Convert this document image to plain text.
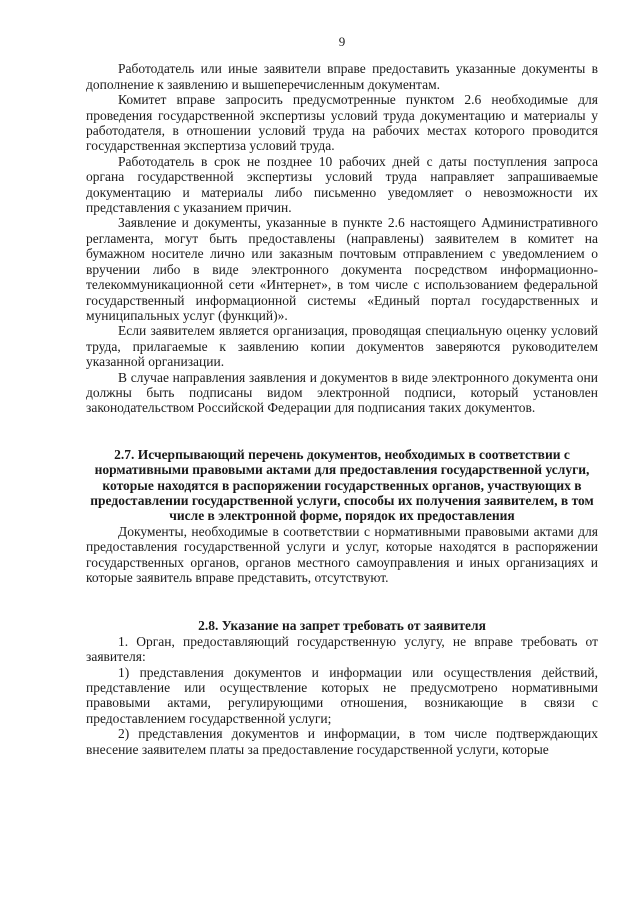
9

Работодатель или иные заявители вправе предоставить указанные документы в дополнение к заявлению и вышеперечисленным документам.

Комитет вправе запросить предусмотренные пунктом 2.6 необходимые для проведения государственной экспертизы условий труда документацию и материалы у работодателя, в отношении условий труда на рабочих местах которого проводится государственная экспертиза условий труда.

Работодатель в срок не позднее 10 рабочих дней с даты поступления запроса органа государственной экспертизы условий труда направляет запрашиваемые документацию и материалы либо письменно уведомляет о невозможности их представления с указанием причин.

Заявление и документы, указанные в пункте 2.6 настоящего Административного регламента, могут быть предоставлены (направлены) заявителем в комитет на бумажном носителе лично или заказным почтовым отправлением с уведомлением о вручении либо в виде электронного документа посредством информационно-телекоммуникационной сети «Интернет», в том числе с использованием федеральной государственный информационной системы «Единый портал государственных и муниципальных услуг (функций)».

Если заявителем является организация, проводящая специальную оценку условий труда, прилагаемые к заявлению копии документов заверяются руководителем указанной организации.

В случае направления заявления и документов в виде электронного документа они должны быть подписаны видом электронной подписи, который установлен законодательством Российской Федерации для подписания таких документов.

2.7. Исчерпывающий перечень документов, необходимых в соответствии с нормативными правовыми актами для предоставления государственной услуги, которые находятся в распоряжении государственных органов, участвующих в предоставлении государственной услуги, способы их получения заявителем, в том числе в электронной форме, порядок их предоставления

Документы, необходимые в соответствии с нормативными правовыми актами для предоставления государственной услуги и услуг, которые находятся в распоряжении государственных органов, органов местного самоуправления и иных организациях и которые заявитель вправе представить, отсутствуют.

2.8. Указание на запрет требовать от заявителя

1. Орган, предоставляющий государственную услугу, не вправе требовать от заявителя:

1) представления документов и информации или осуществления действий, представление или осуществление которых не предусмотрено нормативными правовыми актами, регулирующими отношения, возникающие в связи с предоставлением государственной услуги;

2) представления документов и информации, в том числе подтверждающих внесение заявителем платы за предоставление государственной услуги, которые
